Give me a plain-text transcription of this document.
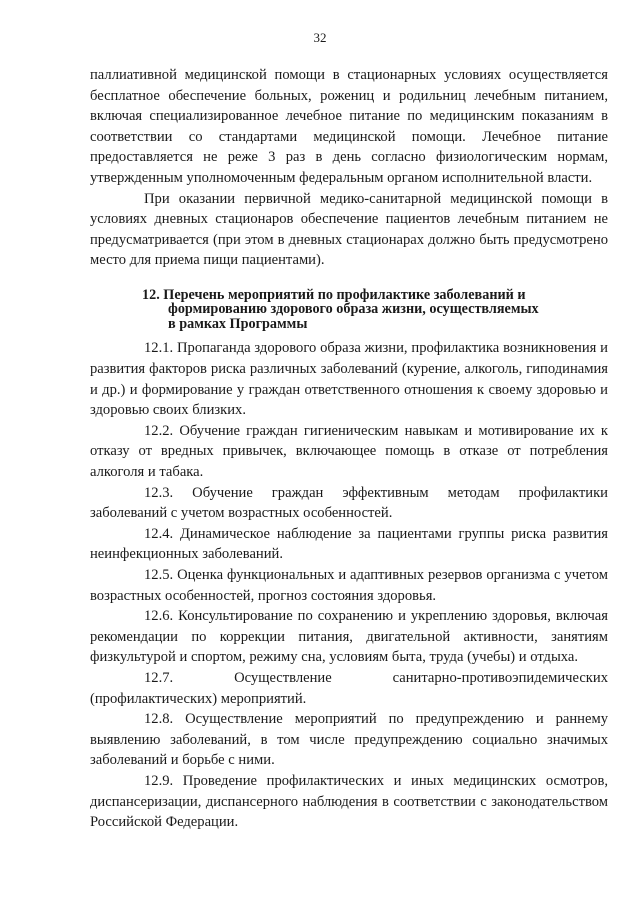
32

паллиативной медицинской помощи в стационарных условиях осуществляется бесплатное обеспечение больных, рожениц и родильниц лечебным питанием, включая специализированное лечебное питание по медицинским показаниям в соответствии со стандартами медицинской помощи. Лечебное питание предоставляется не реже 3 раз в день согласно физиологическим нормам, утвержденным уполномоченным федеральным органом исполнительной власти.

При оказании первичной медико-санитарной медицинской помощи в условиях дневных стационаров обеспечение пациентов лечебным питанием не предусматривается (при этом в дневных стационарах должно быть предусмотрено место для приема пищи пациентами).

12. Перечень мероприятий по профилактике заболеваний и
формированию здорового образа жизни, осуществляемых
в рамках Программы

12.1. Пропаганда здорового образа жизни, профилактика возникновения и развития факторов риска различных заболеваний (курение, алкоголь, гиподинамия и др.) и формирование у граждан ответственного отношения к своему здоровью и здоровью своих близких.

12.2. Обучение граждан гигиеническим навыкам и мотивирование их к отказу от вредных привычек, включающее помощь в отказе от потребления алкоголя и табака.

12.3. Обучение граждан эффективным методам профилактики заболеваний с учетом возрастных особенностей.

12.4. Динамическое наблюдение за пациентами группы риска развития неинфекционных заболеваний.

12.5. Оценка функциональных и адаптивных резервов организма с учетом возрастных особенностей, прогноз состояния здоровья.

12.6. Консультирование по сохранению и укреплению здоровья, включая рекомендации по коррекции питания, двигательной активности, занятиям физкультурой и спортом, режиму сна, условиям быта, труда (учебы) и отдыха.

12.7. Осуществление санитарно-противоэпидемических (профилактических) мероприятий.

12.8. Осуществление мероприятий по предупреждению и раннему выявлению заболеваний, в том числе предупреждению социально значимых заболеваний и борьбе с ними.

12.9. Проведение профилактических и иных медицинских осмотров, диспансеризации, диспансерного наблюдения в соответствии с законодательством Российской Федерации.
